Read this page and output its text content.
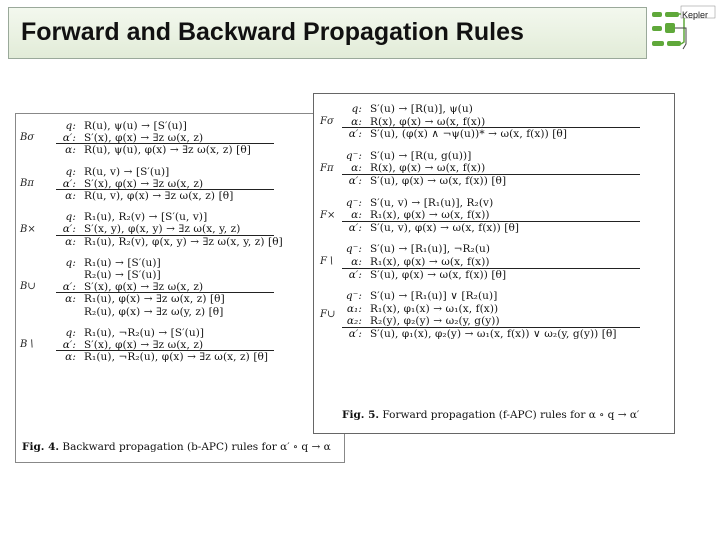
Forward and Backward Propagation Rules
Kepler
q: R(u), ψ(u) → [S′(u)]
α′: S′(x), φ(x) → ∃z ω(x, z)
α: R(u), ψ(u), φ(x) → ∃z ω(x, z) [θ]
Bσ
q: R(u, v) → [S′(u)]
α′: S′(x), φ(x) → ∃z ω(x, z)
α: R(u, v), φ(x) → ∃z ω(x, z) [θ]
Bπ
q: R₁(u), R₂(v) → [S′(u, v)]
α′: S′(x, y), φ(x, y) → ∃z ω(x, y, z)
α: R₁(u), R₂(v), φ(x, y) → ∃z ω(x, y, z) [θ]
B×
q: R₁(u) → [S′(u)]
R₂(u) → [S′(u)]
α′: S′(x), φ(x) → ∃z ω(x, z)
α: R₁(u), φ(x) → ∃z ω(x, z) [θ]
R₂(u), φ(x) → ∃z ω(y, z) [θ]
B∪
q: R₁(u), ¬R₂(u) → [S′(u)]
α′: S′(x), φ(x) → ∃z ω(x, z)
α: R₁(u), ¬R₂(u), φ(x) → ∃z ω(x, z) [θ]
B∖
Fig. 4. Backward propagation (b-APC) rules for α′ ∘ q → α
q: S′(u) → [R(u)], ψ(u)
α: R(x), φ(x) → ω(x, f(x))
α′: S′(u), (φ(x) ∧ ¬ψ(u))* → ω(x, f(x)) [θ]
Fσ
q⁻: S′(u) → [R(u, g(u))]
α: R(x), φ(x) → ω(x, f(x))
α′: S′(u), φ(x) → ω(x, f(x)) [θ]
Fπ
q⁻: S′(u, v) → [R₁(u)], R₂(v)
α: R₁(x), φ(x) → ω(x, f(x))
α′: S′(u, v), φ(x) → ω(x, f(x)) [θ]
F×
q⁻: S′(u) → [R₁(u)], ¬R₂(u)
α: R₁(x), φ(x) → ω(x, f(x))
α′: S′(u), φ(x) → ω(x, f(x)) [θ]
F∖
q⁻: S′(u) → [R₁(u)] ∨ [R₂(u)]
α₁: R₁(x), φ₁(x) → ω₁(x, f(x))
α₂: R₂(y), φ₂(y) → ω₂(y, g(y))
α′: S′(u), φ₁(x), φ₂(y) → ω₁(x, f(x)) ∨ ω₂(y, g(y)) [θ]
F∪
Fig. 5. Forward propagation (f-APC) rules for α ∘ q → α′
